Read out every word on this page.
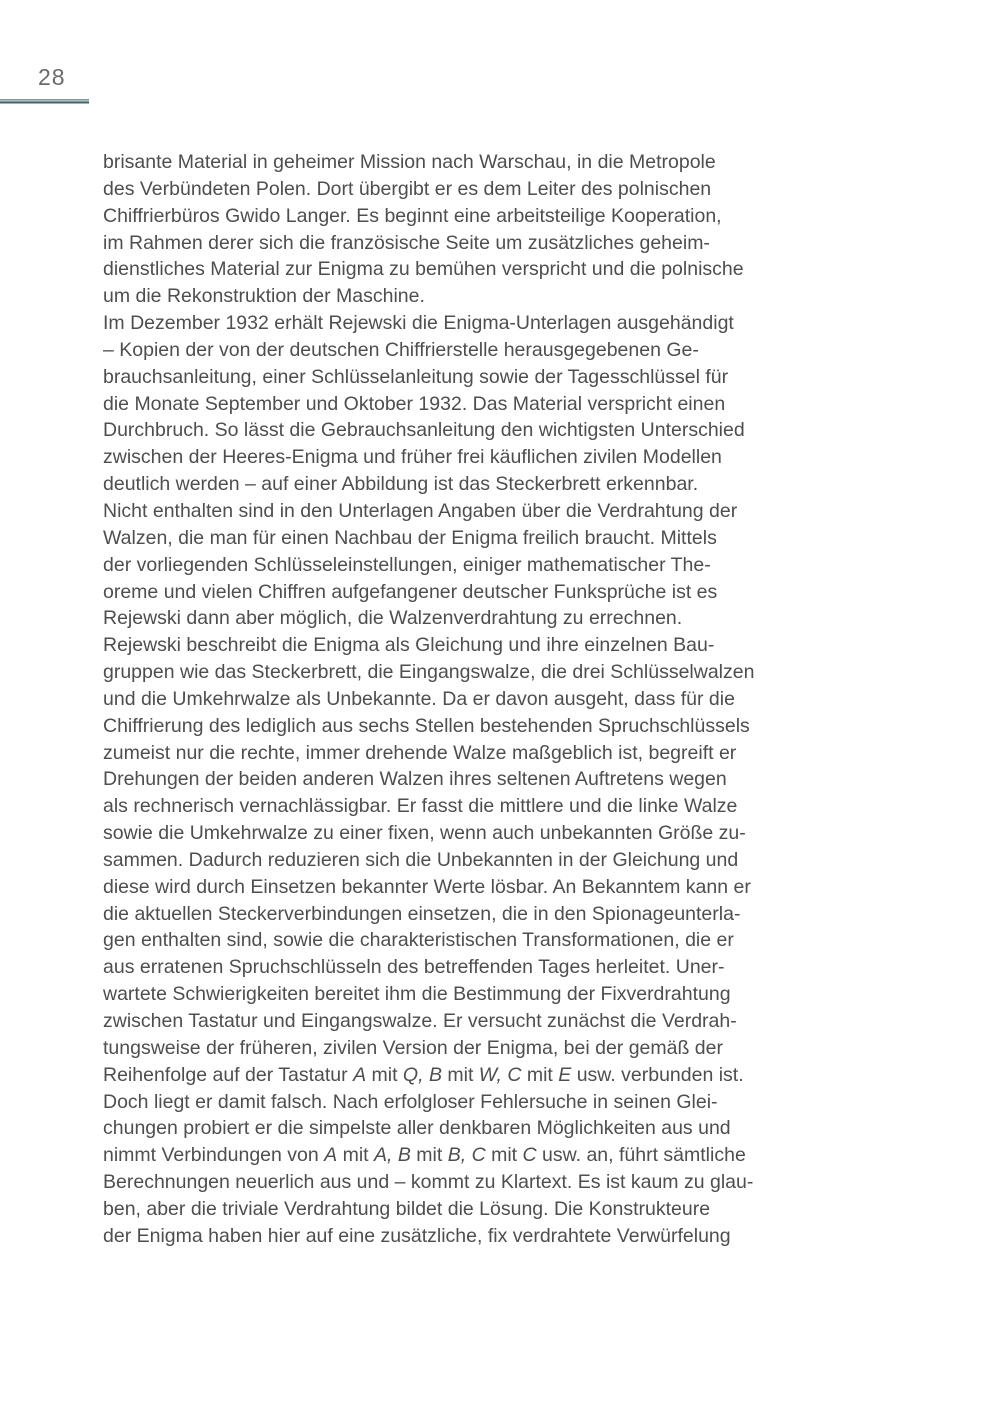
28
brisante Material in geheimer Mission nach Warschau, in die Metropole
des Verbündeten Polen. Dort übergibt er es dem Leiter des polnischen
Chiffrierbüros Gwido Langer. Es beginnt eine arbeitsteilige Kooperation,
im Rahmen derer sich die französische Seite um zusätzliches geheim-
dienstliches Material zur Enigma zu bemühen verspricht und die polnische
um die Rekonstruktion der Maschine.
Im Dezember 1932 erhält Rejewski die Enigma-Unterlagen ausgehändigt
– Kopien der von der deutschen Chiffrierstelle herausgegebenen Ge-
brauchsanleitung, einer Schlüsselanleitung sowie der Tagesschlüssel für
die Monate September und Oktober 1932. Das Material verspricht einen
Durchbruch. So lässt die Gebrauchsanleitung den wichtigsten Unterschied
zwischen der Heeres-Enigma und früher frei käuflichen zivilen Modellen
deutlich werden – auf einer Abbildung ist das Steckerbrett erkennbar.
Nicht enthalten sind in den Unterlagen Angaben über die Verdrahtung der
Walzen, die man für einen Nachbau der Enigma freilich braucht. Mittels
der vorliegenden Schlüsseleinstellungen, einiger mathematischer The-
oreme und vielen Chiffren aufgefangener deutscher Funksprüche ist es
Rejewski dann aber möglich, die Walzenverdrahtung zu errechnen.
Rejewski beschreibt die Enigma als Gleichung und ihre einzelnen Bau-
gruppen wie das Steckerbrett, die Eingangswalze, die drei Schlüsselwalzen
und die Umkehrwalze als Unbekannte. Da er davon ausgeht, dass für die
Chiffrierung des lediglich aus sechs Stellen bestehenden Spruchschlüssels
zumeist nur die rechte, immer drehende Walze maßgeblich ist, begreift er
Drehungen der beiden anderen Walzen ihres seltenen Auftretens wegen
als rechnerisch vernachlässigbar. Er fasst die mittlere und die linke Walze
sowie die Umkehrwalze zu einer fixen, wenn auch unbekannten Größe zu-
sammen. Dadurch reduzieren sich die Unbekannten in der Gleichung und
diese wird durch Einsetzen bekannter Werte lösbar. An Bekanntem kann er
die aktuellen Steckerverbindungen einsetzen, die in den Spionageunterla-
gen enthalten sind, sowie die charakteristischen Transformationen, die er
aus erratenen Spruchschlüsseln des betreffenden Tages herleitet. Uner-
wartete Schwierigkeiten bereitet ihm die Bestimmung der Fixverdrahtung
zwischen Tastatur und Eingangswalze. Er versucht zunächst die Verdrah-
tungsweise der früheren, zivilen Version der Enigma, bei der gemäß der
Reihenfolge auf der Tastatur A mit Q, B mit W, C mit E usw. verbunden ist.
Doch liegt er damit falsch. Nach erfolgloser Fehlersuche in seinen Glei-
chungen probiert er die simpelste aller denkbaren Möglichkeiten aus und
nimmt Verbindungen von A mit A, B mit B, C mit C usw. an, führt sämtliche
Berechnungen neuerlich aus und – kommt zu Klartext. Es ist kaum zu glau-
ben, aber die triviale Verdrahtung bildet die Lösung. Die Konstrukteure
der Enigma haben hier auf eine zusätzliche, fix verdrahtete Verwürfelung
